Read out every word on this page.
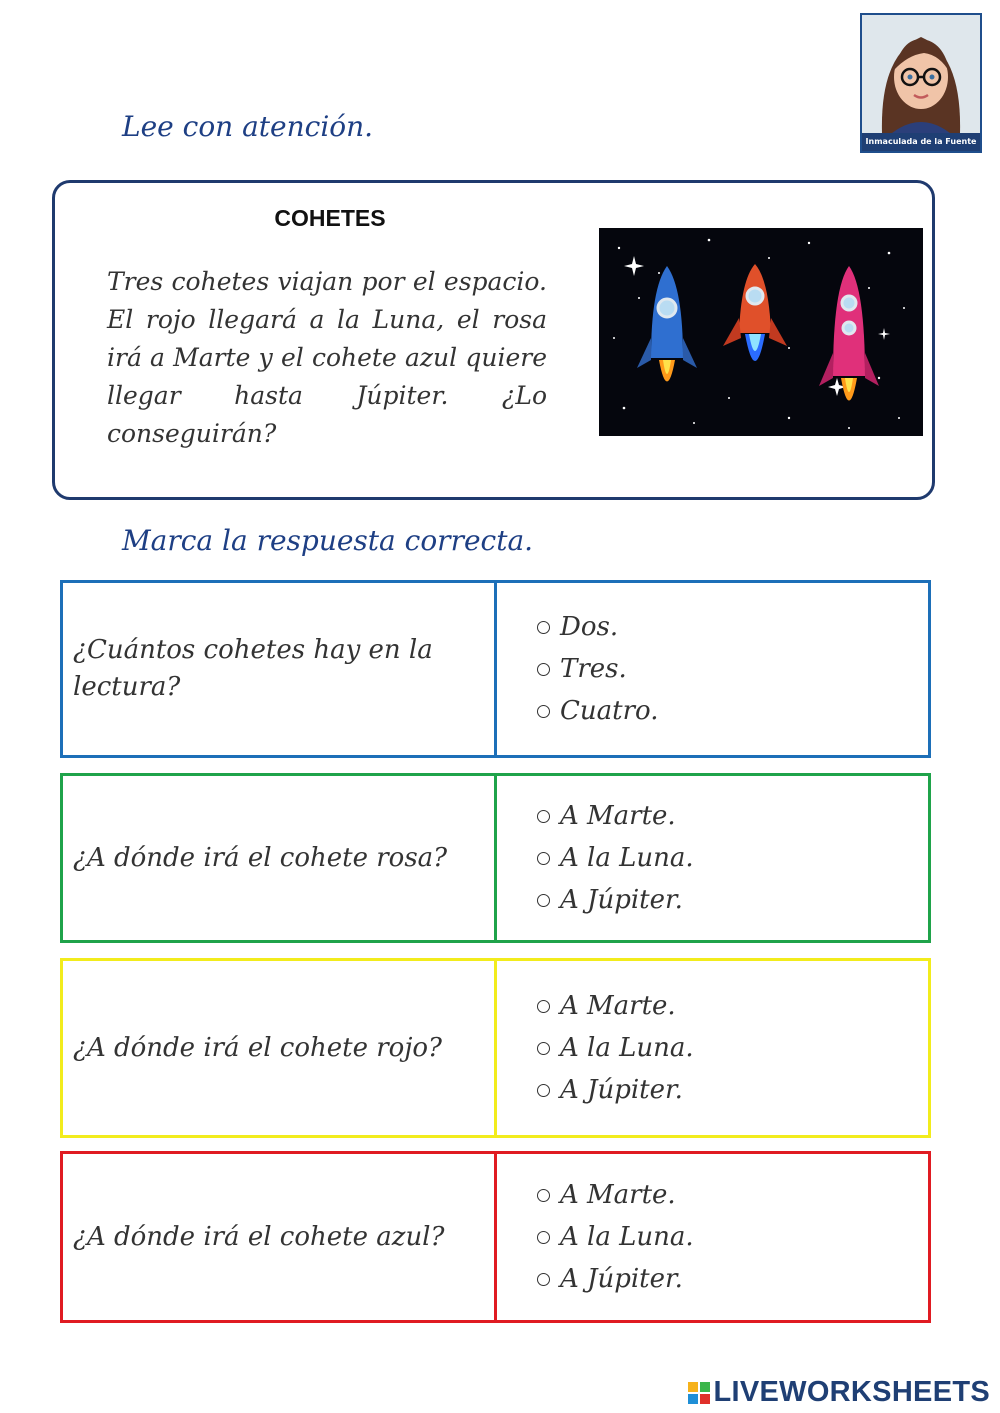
Inmaculada de la Fuente
Lee con atención.
COHETES
Tres cohetes viajan por el espacio. El rojo llegará a la Luna, el rosa irá a Marte y el cohete azul quiere llegar hasta Júpiter. ¿Lo conseguirán?
Marca la respuesta correcta.
¿Cuántos cohetes hay en la lectura?
Dos.
Tres.
Cuatro.
¿A dónde irá el cohete rosa?
A Marte.
A la Luna.
A Júpiter.
¿A dónde irá el cohete rojo?
A Marte.
A la Luna.
A Júpiter.
¿A dónde irá el cohete azul?
A Marte.
A la Luna.
A Júpiter.
LIVEWORKSHEETS
